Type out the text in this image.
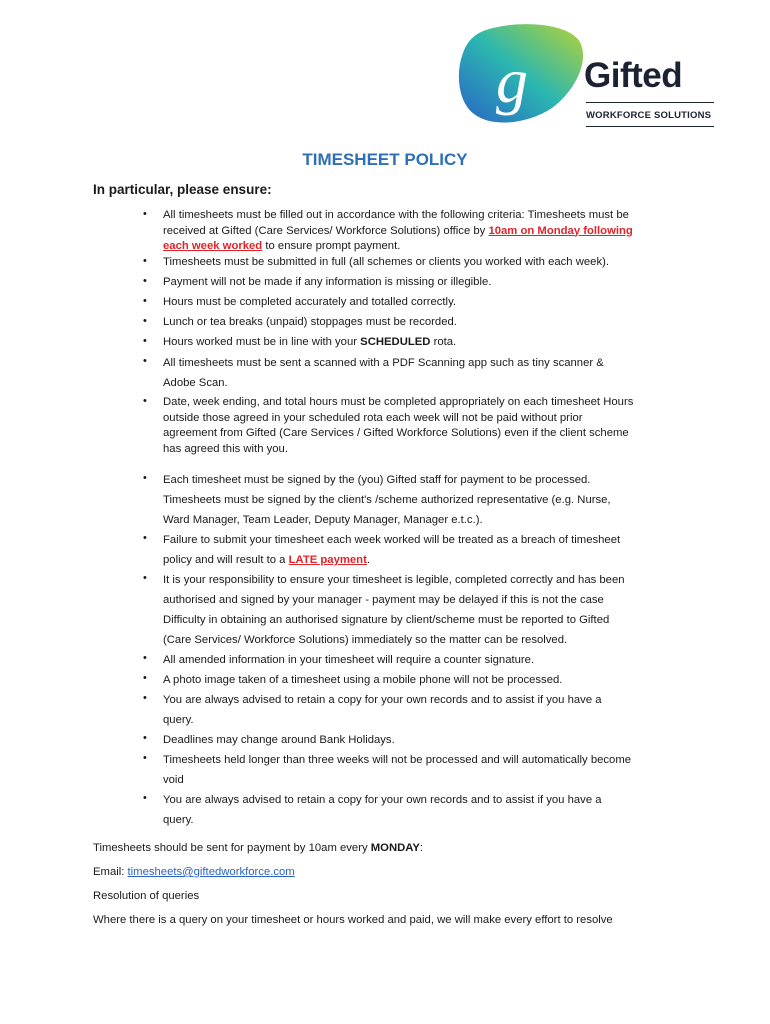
g Gifted
WORKFORCE SOLUTIONS
TIMESHEET POLICY
In particular, please ensure:
• All timesheets must be filled out in accordance with the following criteria: Timesheets must be
received at Gifted (Care Services/ Workforce Solutions) office by 10am on Monday following
each week worked to ensure prompt payment.
• Timesheets must be submitted in full (all schemes or clients you worked with each week).
• Payment will not be made if any information is missing or illegible.
• Hours must be completed accurately and totalled correctly.
• Lunch or tea breaks (unpaid) stoppages must be recorded.
• Hours worked must be in line with your SCHEDULED rota.
• All timesheets must be sent a scanned with a PDF Scanning app such as tiny scanner &
Adobe Scan.
• Date, week ending, and total hours must be completed appropriately on each timesheet Hours
outside those agreed in your scheduled rota each week will not be paid without prior
agreement from Gifted (Care Services / Gifted Workforce Solutions) even if the client scheme
has agreed this with you.
• Each timesheet must be signed by the (you) Gifted staff for payment to be processed.
Timesheets must be signed by the client's /scheme authorized representative (e.g. Nurse,
Ward Manager, Team Leader, Deputy Manager, Manager e.t.c.).
• Failure to submit your timesheet each week worked will be treated as a breach of timesheet
policy and will result to a LATE payment.
• It is your responsibility to ensure your timesheet is legible, completed correctly and has been
authorised and signed by your manager - payment may be delayed if this is not the case
Difficulty in obtaining an authorised signature by client/scheme must be reported to Gifted
(Care Services/ Workforce Solutions) immediately so the matter can be resolved.
• All amended information in your timesheet will require a counter signature.
• A photo image taken of a timesheet using a mobile phone will not be processed.
• You are always advised to retain a copy for your own records and to assist if you have a
query.
• Deadlines may change around Bank Holidays.
• Timesheets held longer than three weeks will not be processed and will automatically become
void
• You are always advised to retain a copy for your own records and to assist if you have a
query.
Timesheets should be sent for payment by 10am every MONDAY:
Email: timesheets@giftedworkforce.com
Resolution of queries
Where there is a query on your timesheet or hours worked and paid, we will make every effort to resolve
